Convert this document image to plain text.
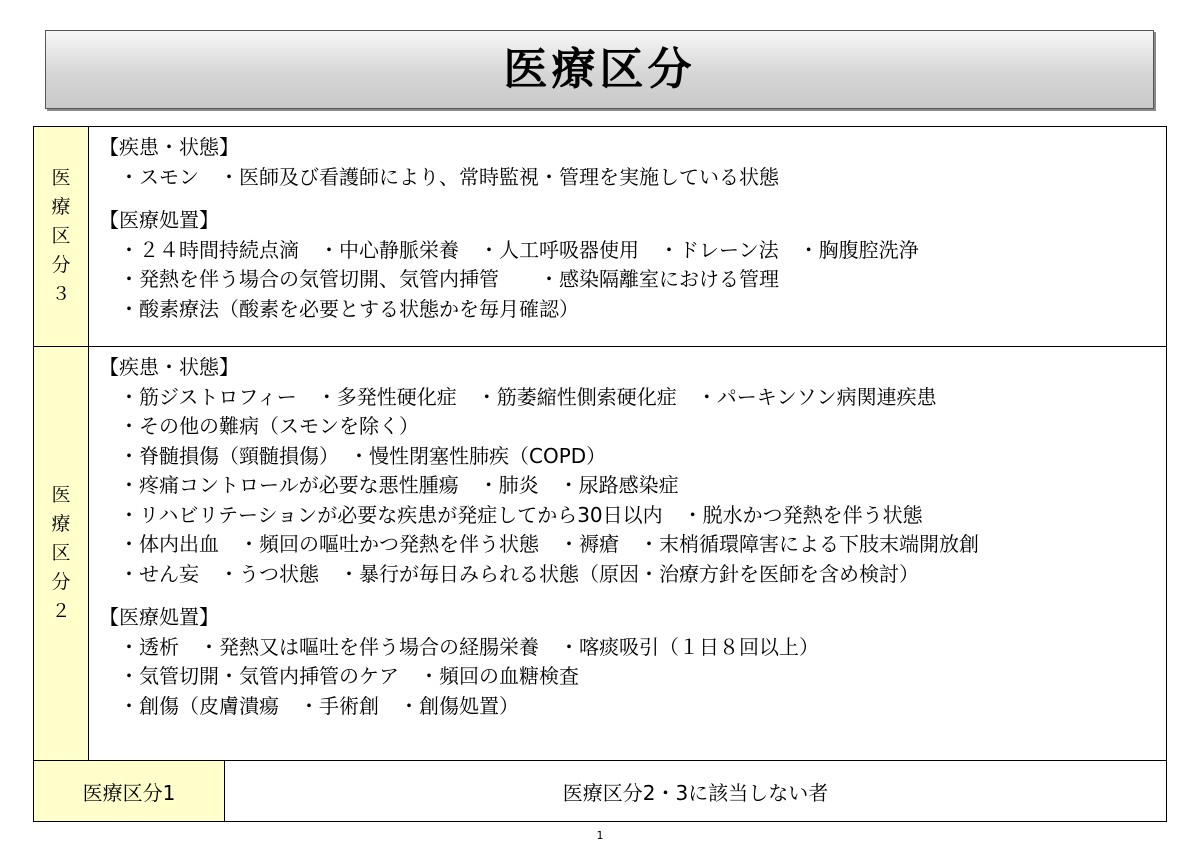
医療区分
医療区分３
【疾患・状態】
・スモン　・医師及び看護師により、常時監視・管理を実施している状態
【医療処置】
・２４時間持続点滴　・中心静脈栄養　・人工呼吸器使用　・ドレーン法　・胸腹腔洗浄
・発熱を伴う場合の気管切開、気管内挿管　　・感染隔離室における管理
・酸素療法（酸素を必要とする状態かを毎月確認）
医療区分２
【疾患・状態】
・筋ジストロフィー　・多発性硬化症　・筋萎縮性側索硬化症　・パーキンソン病関連疾患
・その他の難病（スモンを除く）
・脊髄損傷（頸髄損傷）　・慢性閉塞性肺疾（COPD）
・疼痛コントロールが必要な悪性腫瘍　・肺炎　・尿路感染症
・リハビリテーションが必要な疾患が発症してから30日以内　・脱水かつ発熱を伴う状態
・体内出血　・頻回の嘔吐かつ発熱を伴う状態　・褥瘡　・末梢循環障害による下肢末端開放創
・せん妄　・うつ状態　・暴行が毎日みられる状態（原因・治療方針を医師を含め検討）
【医療処置】
・透析　・発熱又は嘔吐を伴う場合の経腸栄養　・喀痰吸引（１日８回以上）
・気管切開・気管内挿管のケア　・頻回の血糖検査
・創傷（皮膚潰瘍　・手術創　・創傷処置）
医療区分1	医療区分2・3に該当しない者
1
